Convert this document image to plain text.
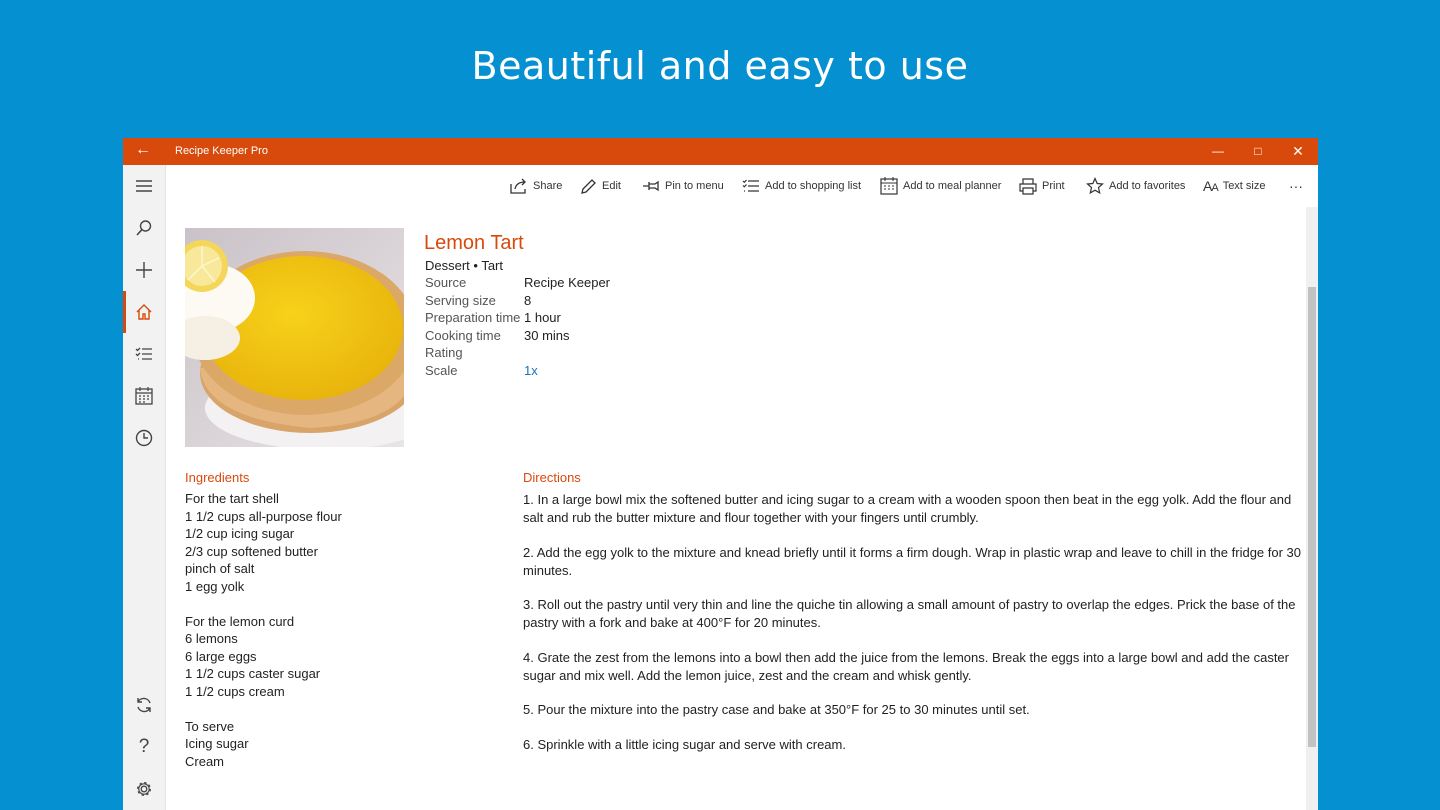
Beautiful and easy to use
← Recipe Keeper Pro	—	□	✕
?
Share	Edit	Pin to menu	Add to shopping list	Add to meal planner	Print	Add to favorites AA Text size ···
Lemon Tart
Dessert • Tart
Source	Recipe Keeper
Serving size	8
Preparation time 1 hour
Cooking time	30 mins
Rating
Scale	1x
Ingredients
For the tart shell
1 1/2 cups all-purpose flour
1/2 cup icing sugar
2/3 cup softened butter
pinch of salt
1 egg yolk
For the lemon curd
6 lemons
6 large eggs
1 1/2 cups caster sugar
1 1/2 cups cream
To serve
Icing sugar
Cream
Directions
1. In a large bowl mix the softened butter and icing sugar to a cream with a wooden spoon then beat in the egg yolk. Add the flour and salt and rub the butter mixture and flour together with your fingers until crumbly.
2. Add the egg yolk to the mixture and knead briefly until it forms a firm dough. Wrap in plastic wrap and leave to chill in the fridge for 30 minutes.
3. Roll out the pastry until very thin and line the quiche tin allowing a small amount of pastry to overlap the edges. Prick the base of the pastry with a fork and bake at 400°F for 20 minutes.
4. Grate the zest from the lemons into a bowl then add the juice from the lemons. Break the eggs into a large bowl and add the caster sugar and mix well. Add the lemon juice, zest and the cream and whisk gently.
5. Pour the mixture into the pastry case and bake at 350°F for 25 to 30 minutes until set.
6. Sprinkle with a little icing sugar and serve with cream.
